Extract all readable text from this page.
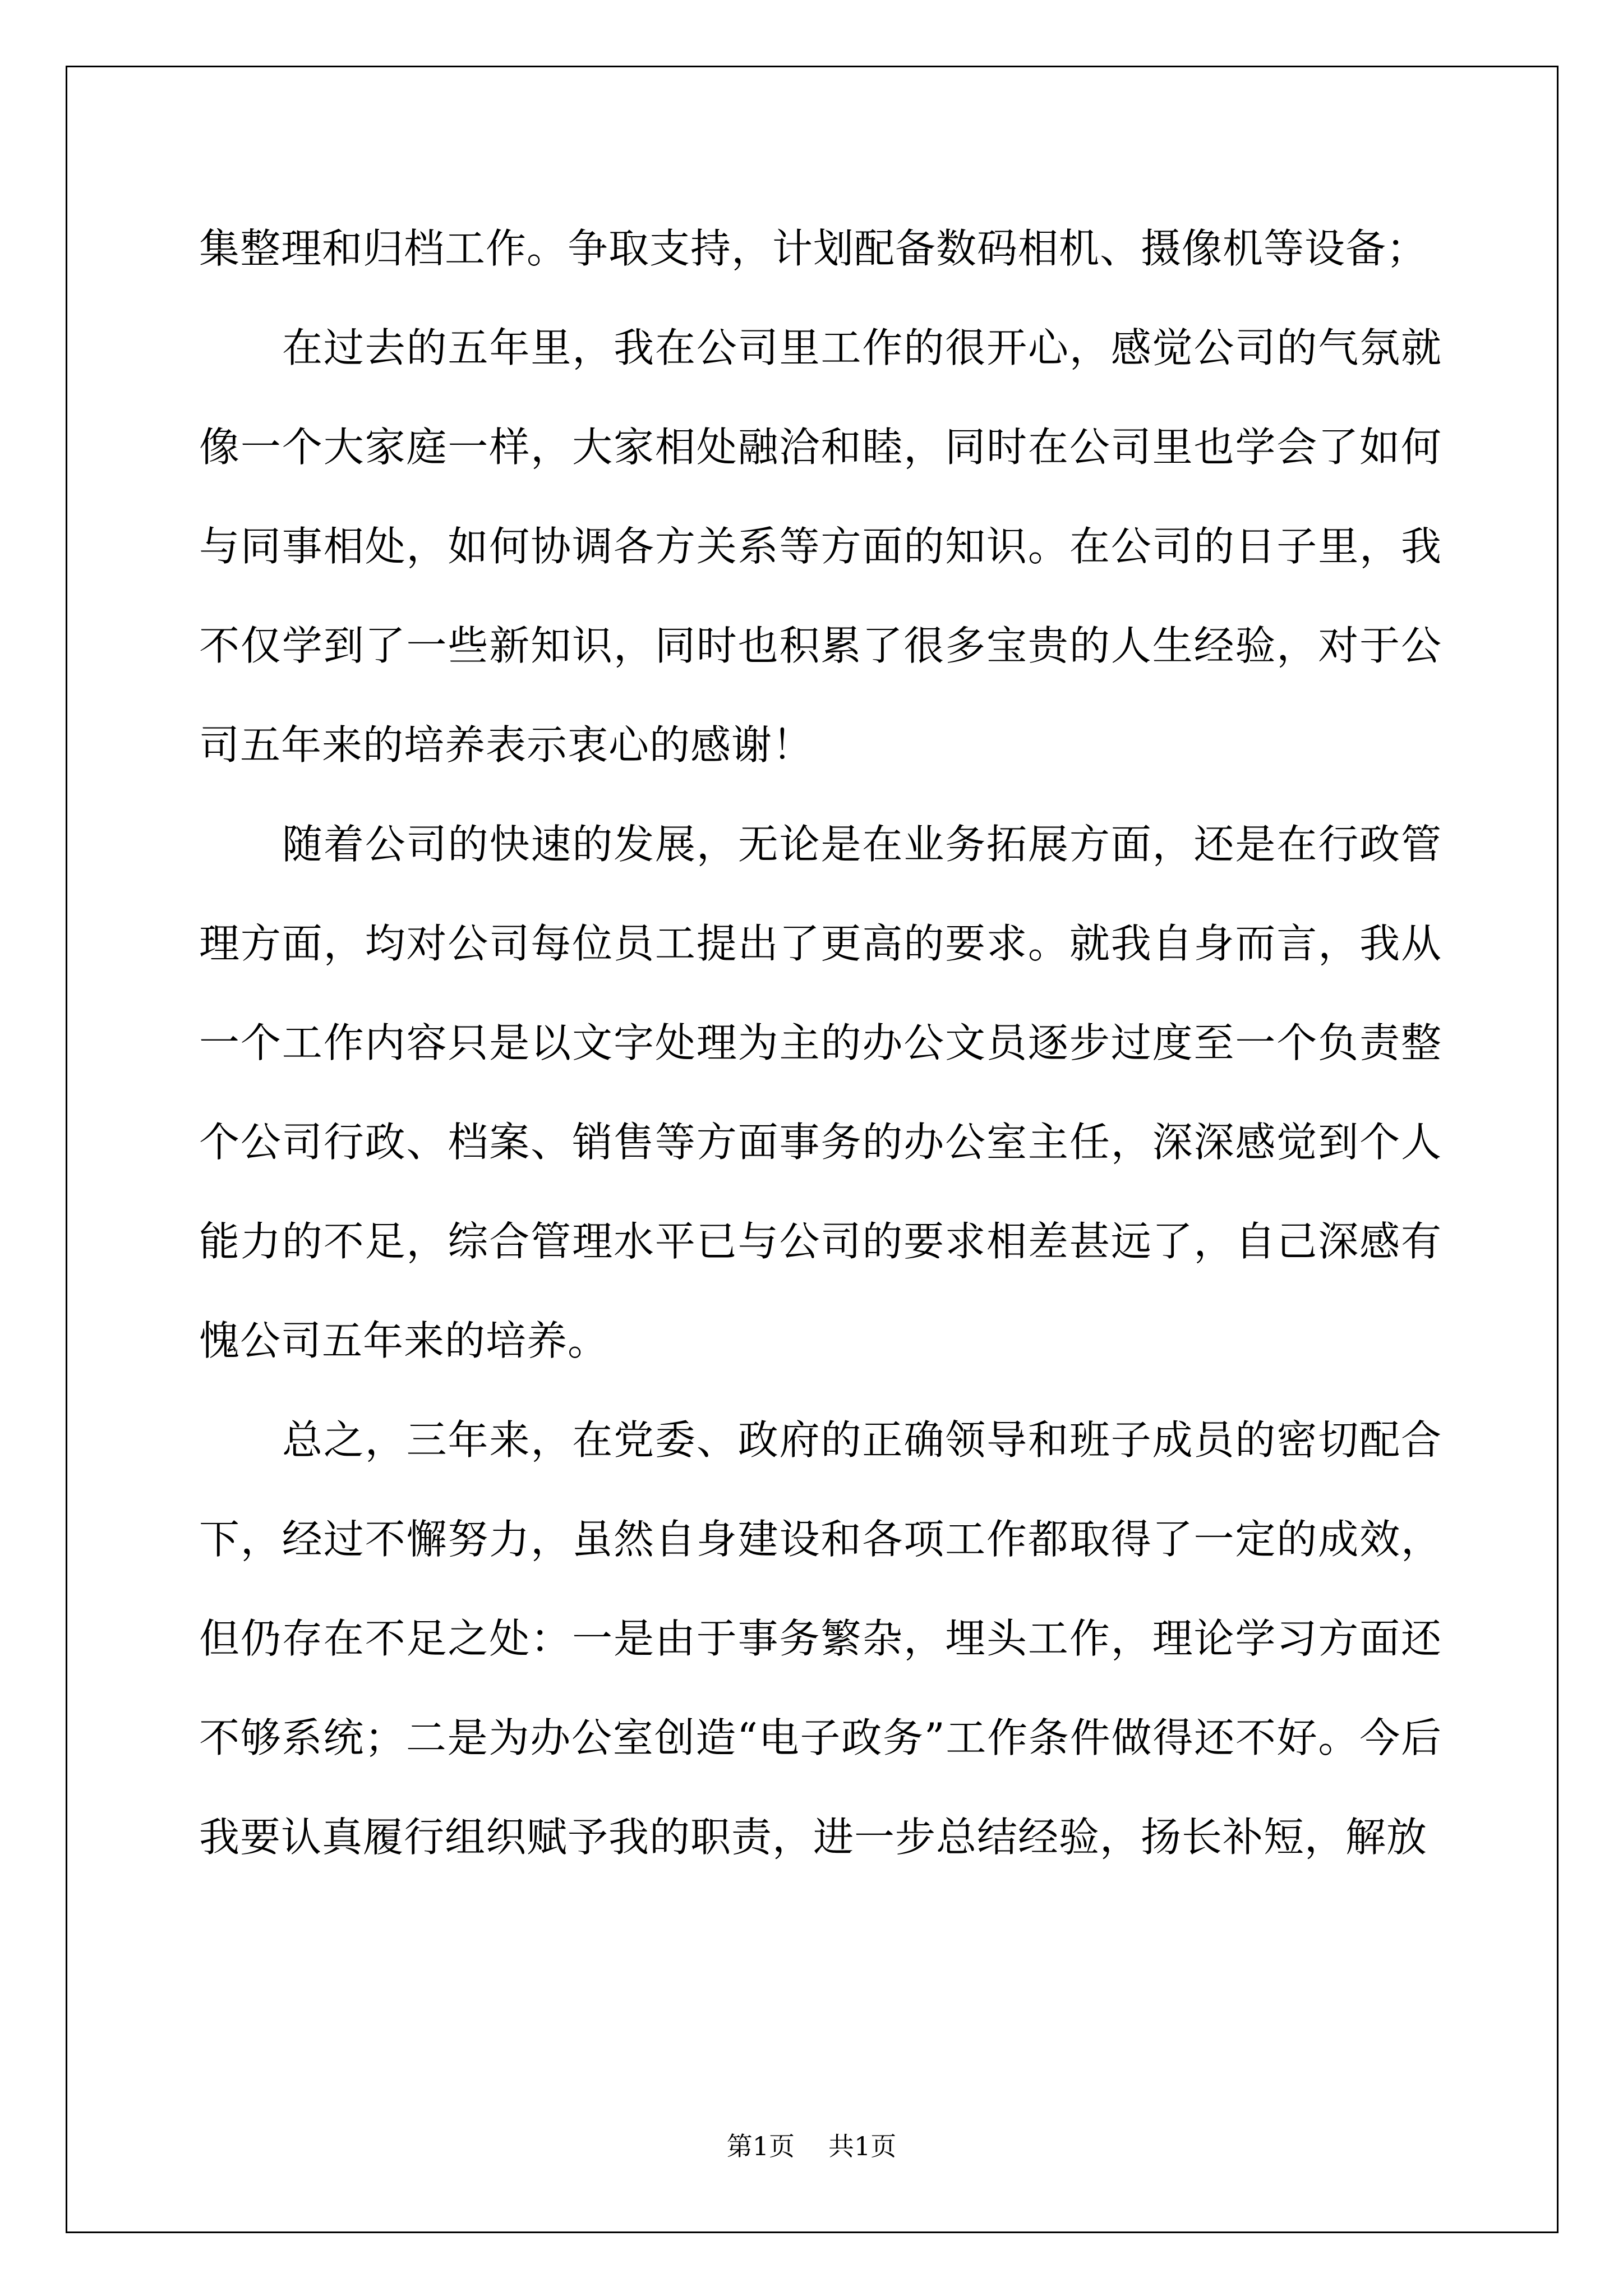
集整理和归档工作。争取支持，计划配备数码相机、摄像机等设备；

在过去的五年里，我在公司里工作的很开心，感觉公司的气氛就像一个大家庭一样，大家相处融洽和睦，同时在公司里也学会了如何与同事相处，如何协调各方关系等方面的知识。在公司的日子里，我不仅学到了一些新知识，同时也积累了很多宝贵的人生经验，对于公司五年来的培养表示衷心的感谢！

随着公司的快速的发展，无论是在业务拓展方面，还是在行政管理方面，均对公司每位员工提出了更高的要求。就我自身而言，我从一个工作内容只是以文字处理为主的办公文员逐步过度至一个负责整个公司行政、档案、销售等方面事务的办公室主任，深深感觉到个人能力的不足，综合管理水平已与公司的要求相差甚远了，自己深感有愧公司五年来的培养。

总之，三年来，在党委、政府的正确领导和班子成员的密切配合下，经过不懈努力，虽然自身建设和各项工作都取得了一定的成效，但仍存在不足之处：一是由于事务繁杂，埋头工作，理论学习方面还不够系统；二是为办公室创造“电子政务”工作条件做得还不好。今后我要认真履行组织赋予我的职责，进一步总结经验，扬长补短，解放

第1页 共1页
